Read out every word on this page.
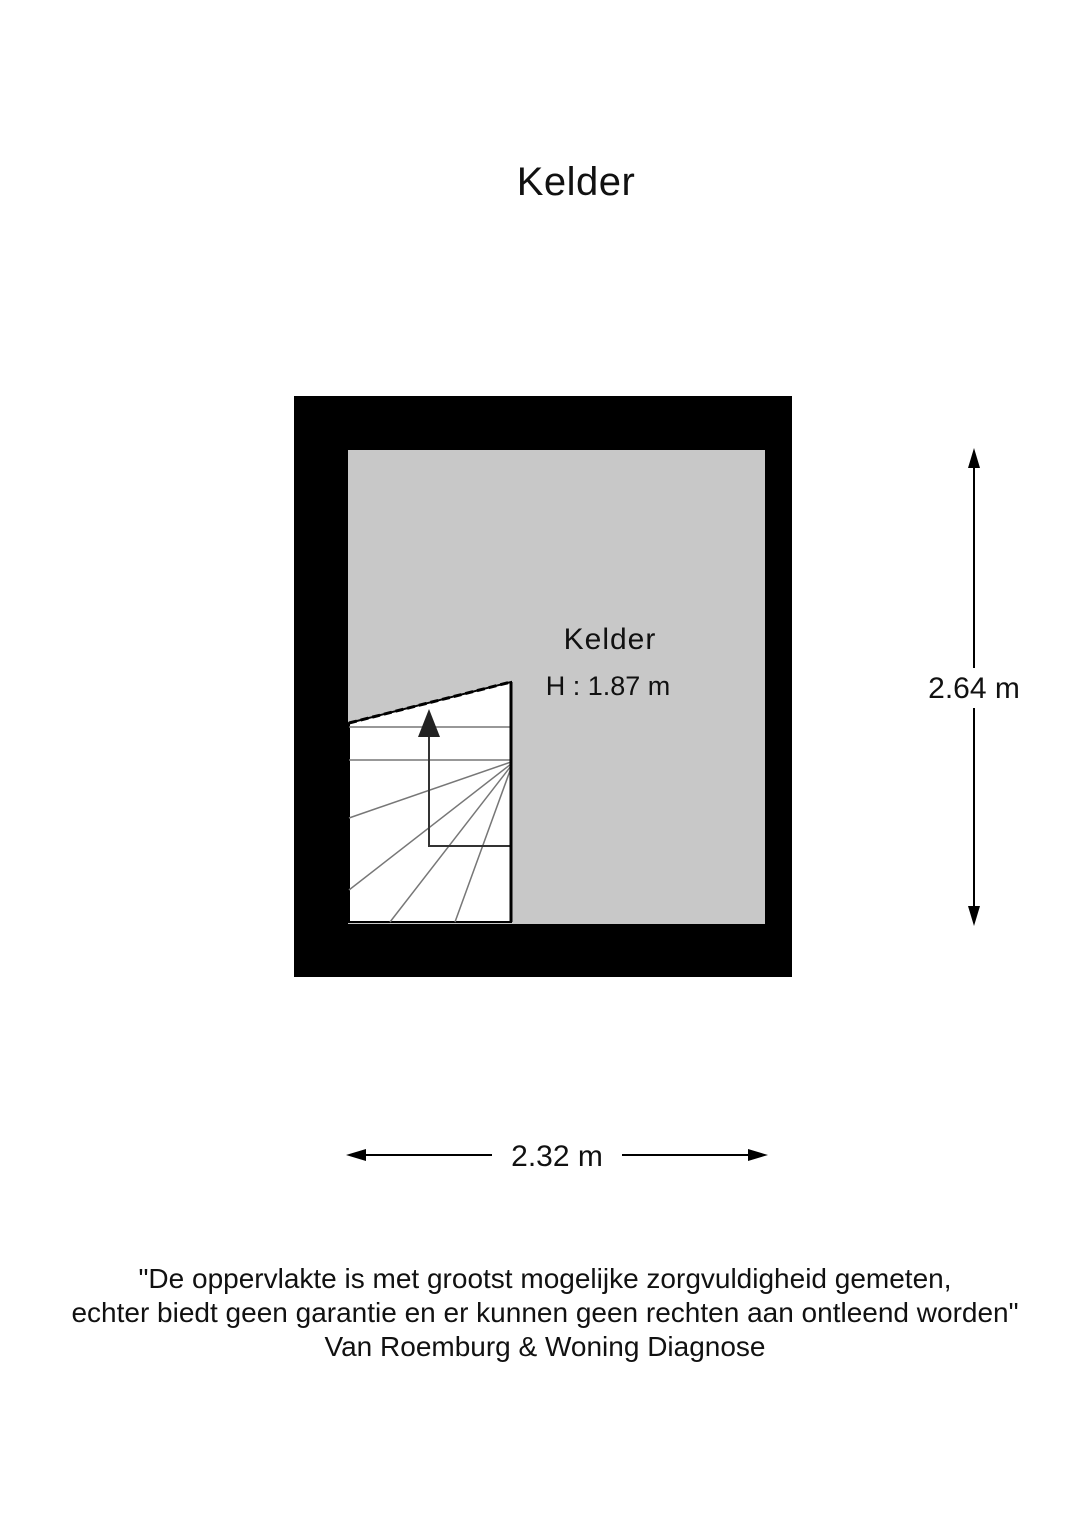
Kelder
Kelder
H : 1.87 m	2.64 m
2.32 m
"De oppervlakte is met grootst mogelijke zorgvuldigheid gemeten,
echter biedt geen garantie en er kunnen geen rechten aan ontleend worden"
Van Roemburg & Woning Diagnose
